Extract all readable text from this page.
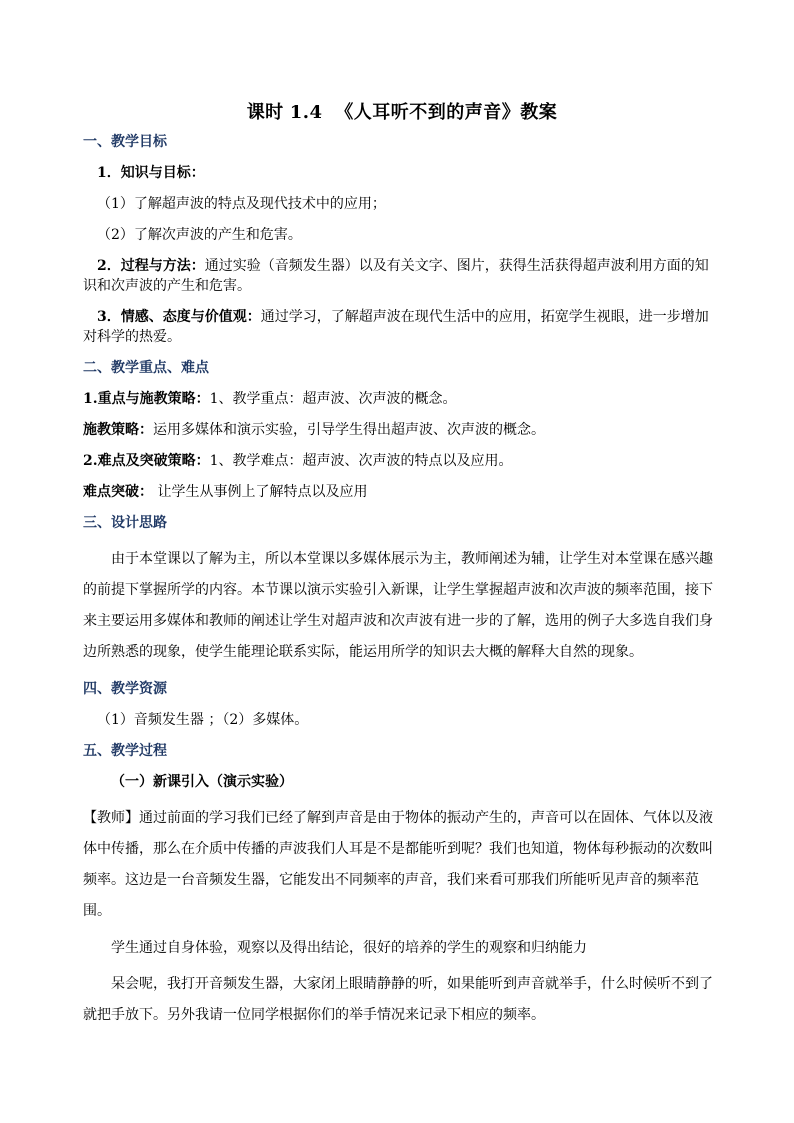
课时 1.4 《人耳听不到的声音》教案

一、教学目标

1．知识与目标：

（1）了解超声波的特点及现代技术中的应用；

（2）了解次声波的产生和危害。

2．过程与方法：通过实验（音频发生器）以及有关文字、图片，获得生活获得超声波利用方面的知识和次声波的产生和危害。

3．情感、态度与价值观：通过学习，了解超声波在现代生活中的应用，拓宽学生视眼，进一步增加对科学的热爱。

二、教学重点、难点

1.重点与施教策略：1、教学重点：超声波、次声波的概念。

施教策略：运用多媒体和演示实验，引导学生得出超声波、次声波的概念。

2.难点及突破策略：1、教学难点：超声波、次声波的特点以及应用。

难点突破： 让学生从事例上了解特点以及应用

三、设计思路

由于本堂课以了解为主，所以本堂课以多媒体展示为主，教师阐述为辅，让学生对本堂课在感兴趣的前提下掌握所学的内容。本节课以演示实验引入新课，让学生掌握超声波和次声波的频率范围，接下来主要运用多媒体和教师的阐述让学生对超声波和次声波有进一步的了解，选用的例子大多选自我们身边所熟悉的现象，使学生能理论联系实际，能运用所学的知识去大概的解释大自然的现象。

四、教学资源

（1）音频发生器 ；（2）多媒体。

五、教学过程

（一）新课引入（演示实验）

【教师】通过前面的学习我们已经了解到声音是由于物体的振动产生的，声音可以在固体、气体以及液体中传播，那么在介质中传播的声波我们人耳是不是都能听到呢？我们也知道，物体每秒振动的次数叫频率。这边是一台音频发生器，它能发出不同频率的声音，我们来看可那我们所能听见声音的频率范围。

学生通过自身体验，观察以及得出结论，很好的培养的学生的观察和归纳能力

呆会呢，我打开音频发生器，大家闭上眼睛静静的听，如果能听到声音就举手，什么时候听不到了就把手放下。另外我请一位同学根据你们的举手情况来记录下相应的频率。
